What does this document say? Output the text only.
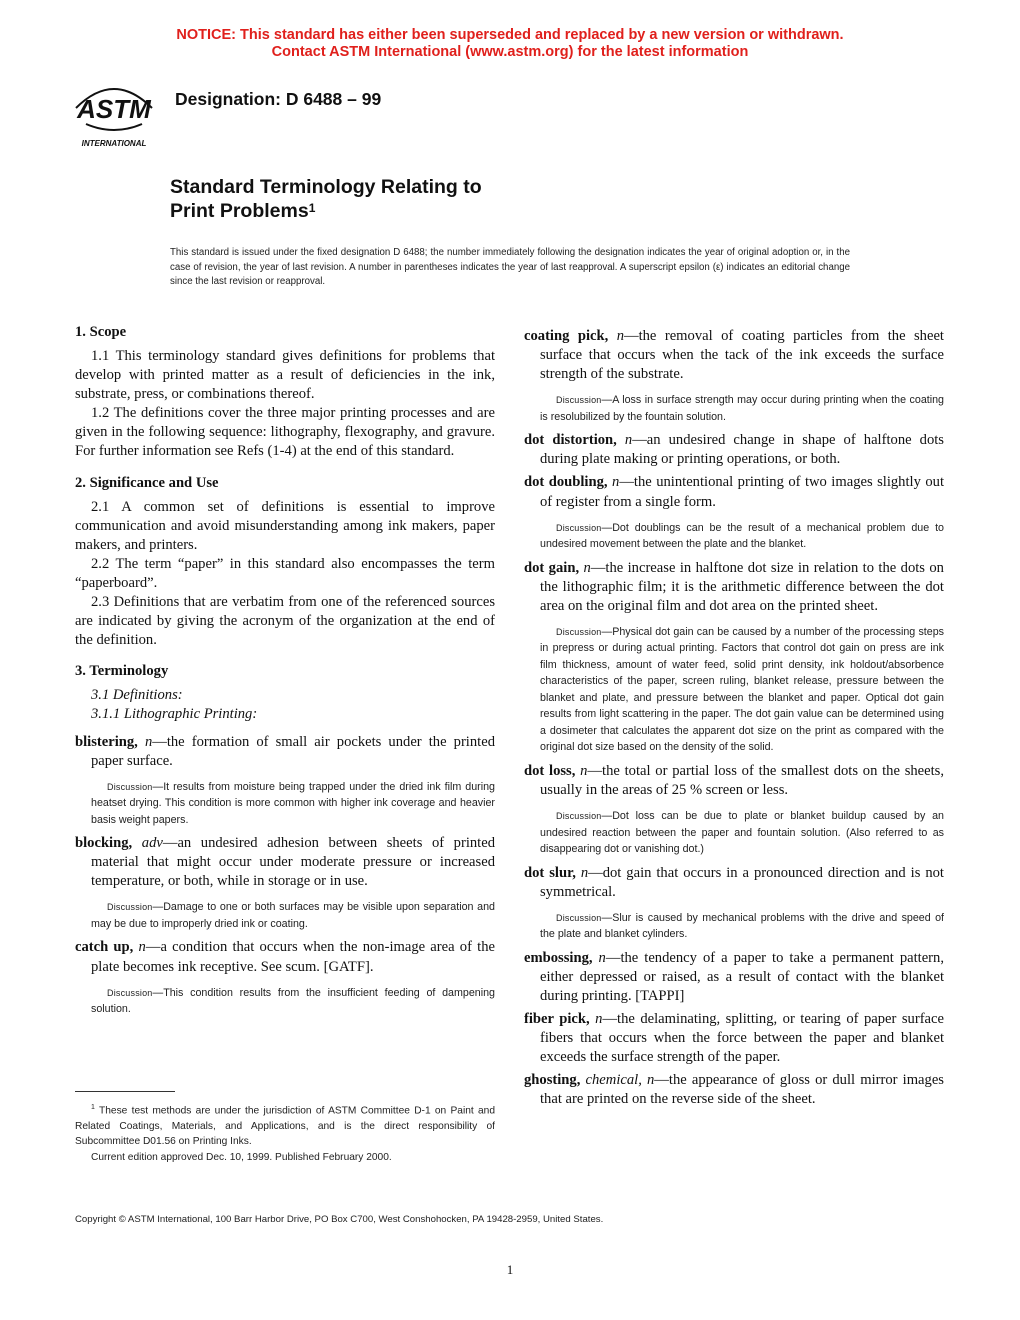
NOTICE: This standard has either been superseded and replaced by a new version or withdrawn.
Contact ASTM International (www.astm.org) for the latest information
ASTM
INTERNATIONAL
Designation: D 6488 – 99
Standard Terminology Relating to
Print Problems$^1$
This standard is issued under the fixed designation D 6488; the number immediately following the designation indicates the year of original adoption or, in the case of revision, the year of last revision. A number in parentheses indicates the year of last reapproval. A superscript epsilon (ε) indicates an editorial change since the last revision or reapproval.
1. Scope

1.1 This terminology standard gives definitions for problems that develop with printed matter as a result of deficiencies in the ink, substrate, press, or combinations thereof.

1.2 The definitions cover the three major printing processes and are given in the following sequence: lithography, flexography, and gravure. For further information see Refs (1-4) at the end of this standard.

2. Significance and Use

2.1 A common set of definitions is essential to improve communication and avoid misunderstanding among ink makers, paper makers, and printers.

2.2 The term “paper” in this standard also encompasses the term “paperboard”.

2.3 Definitions that are verbatim from one of the referenced sources are indicated by giving the acronym of the organization at the end of the definition.

3. Terminology

3.1 Definitions:

3.1.1 Lithographic Printing:

blistering, n—the formation of small air pockets under the printed paper surface.

Discussion—It results from moisture being trapped under the dried ink film during heatset drying. This condition is more common with higher ink coverage and heavier basis weight papers.

blocking, adv—an undesired adhesion between sheets of printed material that might occur under moderate pressure or increased temperature, or both, while in storage or in use.

Discussion—Damage to one or both surfaces may be visible upon separation and may be due to improperly dried ink or coating.

catch up, n—a condition that occurs when the non-image area of the plate becomes ink receptive. See scum. [GATF].

Discussion—This condition results from the insufficient feeding of dampening solution.

coating pick, n—the removal of coating particles from the sheet surface that occurs when the tack of the ink exceeds the surface strength of the substrate.

Discussion—A loss in surface strength may occur during printing when the coating is resolubilized by the fountain solution.

dot distortion, n—an undesired change in shape of halftone dots during plate making or printing operations, or both.

dot doubling, n—the unintentional printing of two images slightly out of register from a single form.

Discussion—Dot doublings can be the result of a mechanical problem due to undesired movement between the plate and the blanket.

dot gain, n—the increase in halftone dot size in relation to the dots on the lithographic film; it is the arithmetic difference between the dot area on the original film and dot area on the printed sheet.

Discussion—Physical dot gain can be caused by a number of the processing steps in prepress or during actual printing. Factors that control dot gain on press are ink film thickness, amount of water feed, solid print density, ink holdout/absorbence characteristics of the paper, screen ruling, blanket release, pressure between the blanket and plate, and pressure between the blanket and paper. Optical dot gain results from light scattering in the paper. The dot gain value can be determined using a dosimeter that calculates the apparent dot size on the print as compared with the original dot size based on the density of the solid.

dot loss, n—the total or partial loss of the smallest dots on the sheets, usually in the areas of 25 % screen or less.

Discussion—Dot loss can be due to plate or blanket buildup caused by an undesired reaction between the paper and fountain solution. (Also referred to as disappearing dot or vanishing dot.)

dot slur, n—dot gain that occurs in a pronounced direction and is not symmetrical.

Discussion—Slur is caused by mechanical problems with the drive and speed of the plate and blanket cylinders.

embossing, n—the tendency of a paper to take a permanent pattern, either depressed or raised, as a result of contact with the blanket during printing. [TAPPI]

fiber pick, n—the delaminating, splitting, or tearing of paper surface fibers that occurs when the force between the paper and blanket exceeds the surface strength of the paper.

ghosting, chemical, n—the appearance of gloss or dull mirror images that are printed on the reverse side of the sheet.

$^1$ These test methods are under the jurisdiction of ASTM Committee D-1 on Paint and Related Coatings, Materials, and Applications, and is the direct responsibility of Subcommittee D01.56 on Printing Inks.

Current edition approved Dec. 10, 1999. Published February 2000.

Copyright © ASTM International, 100 Barr Harbor Drive, PO Box C700, West Conshohocken, PA 19428-2959, United States.
1
